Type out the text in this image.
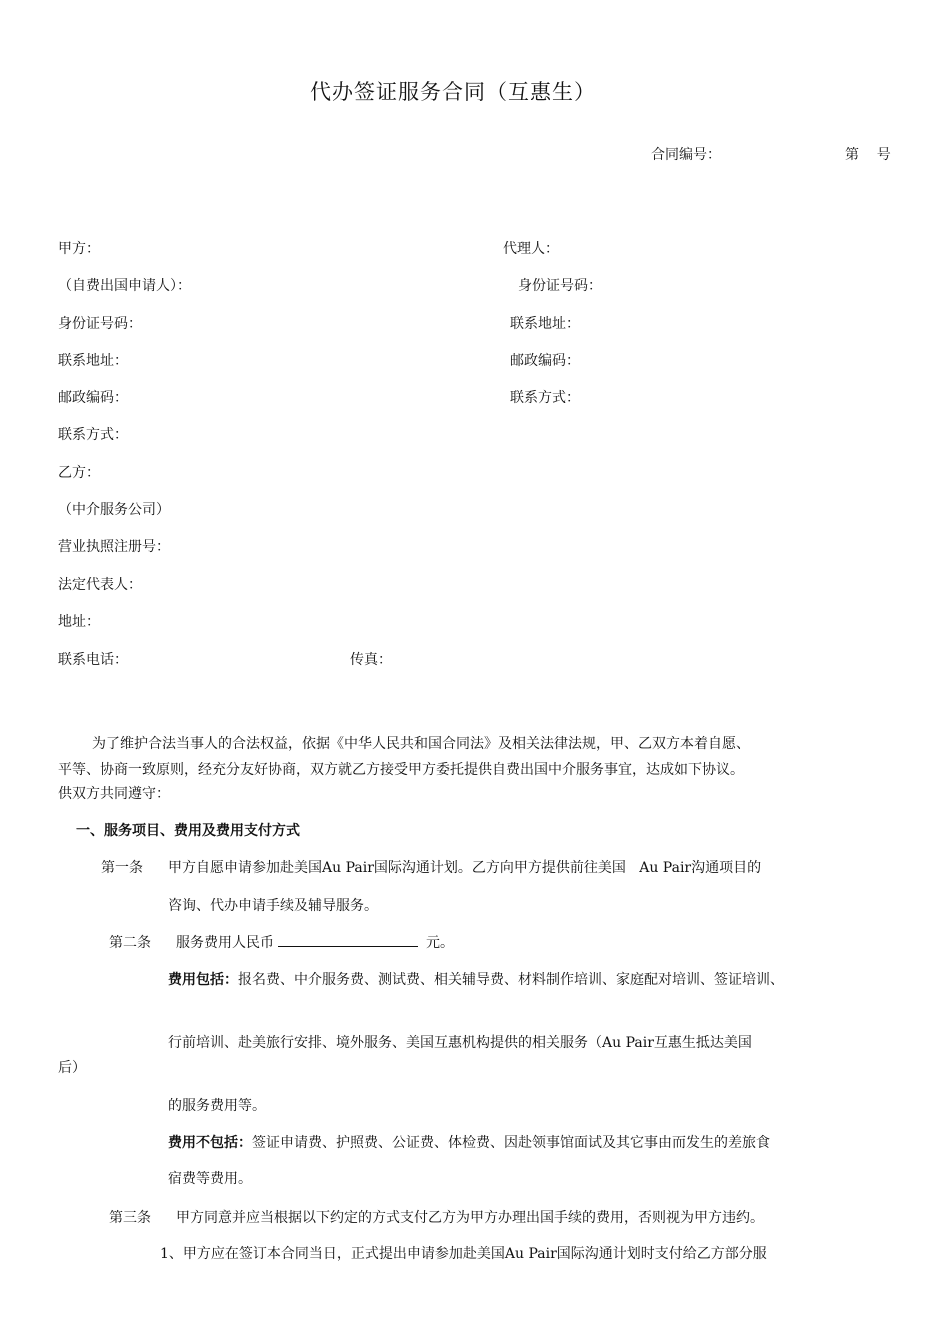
代办签证服务合同（互惠生）
合同编号：	第    号
甲方：
（自费出国申请人）：
身份证号码：
联系地址：
邮政编码：
联系方式：
代理人：
身份证号码：
联系地址：
邮政编码：
联系方式：
乙方：
（中介服务公司）
营业执照注册号：
法定代表人：
地址：
联系电话：	传真：
为了维护合法当事人的合法权益，依据《中华人民共和国合同法》及相关法律法规，甲、乙双方本着自愿、
平等、协商一致原则，经充分友好协商，双方就乙方接受甲方委托提供自费出国中介服务事宜，达成如下协议。
供双方共同遵守：
一、服务项目、费用及费用支付方式
第一条 甲方自愿申请参加赴美国Au Pair国际沟通计划。乙方向甲方提供前往美国   Au Pair沟通项目的
咨询、代办申请手续及辅导服务。
第二条 服务费用人民币	元。
费用包括：报名费、中介服务费、测试费、相关辅导费、材料制作培训、家庭配对培训、签证培训、
行前培训、赴美旅行安排、境外服务、美国互惠机构提供的相关服务（Au Pair互惠生抵达美国
后）
的服务费用等。
费用不包括：签证申请费、护照费、公证费、体检费、因赴领事馆面试及其它事由而发生的差旅食
宿费等费用。
第三条 甲方同意并应当根据以下约定的方式支付乙方为甲方办理出国手续的费用，否则视为甲方违约。
1、甲方应在签订本合同当日，正式提出申请参加赴美国Au Pair国际沟通计划时支付给乙方部分服
